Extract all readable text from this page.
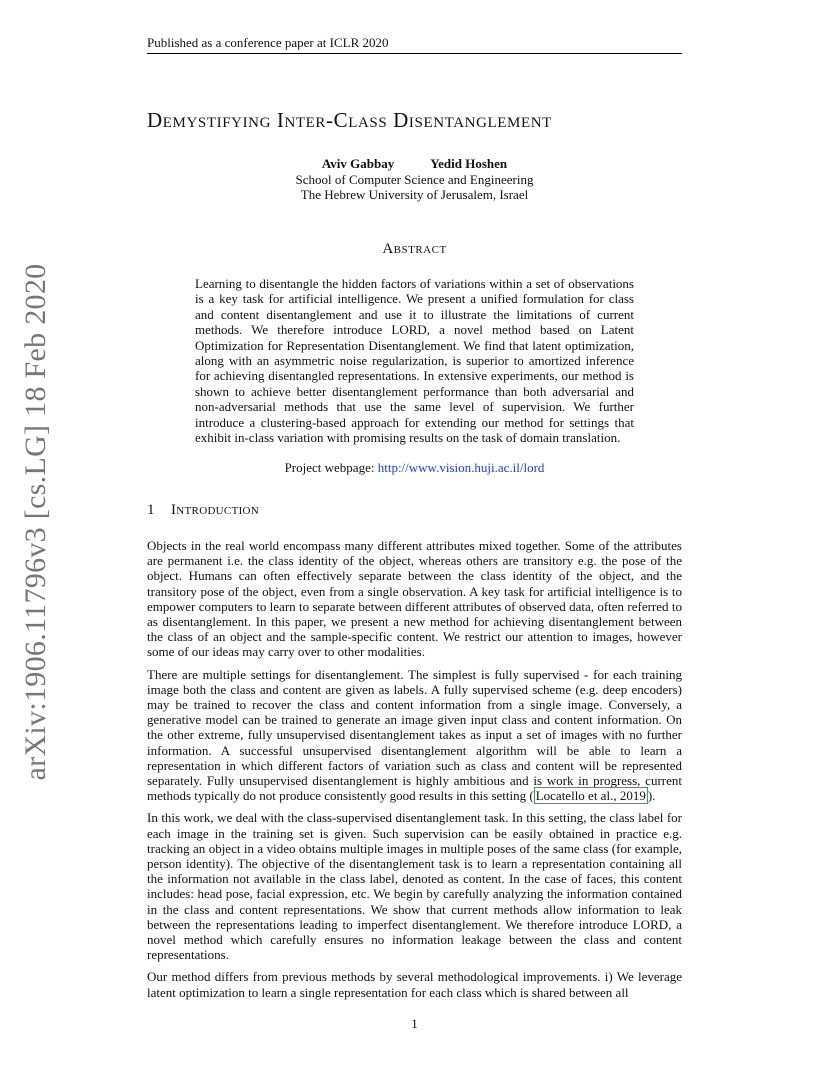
Published as a conference paper at ICLR 2020
arXiv:1906.11796v3 [cs.LG] 18 Feb 2020
Demystifying Inter-Class Disentanglement
Aviv Gabbay	Yedid Hoshen
School of Computer Science and Engineering
The Hebrew University of Jerusalem, Israel
Abstract
Learning to disentangle the hidden factors of variations within a set of observations is a key task for artificial intelligence. We present a unified formulation for class and content disentanglement and use it to illustrate the limitations of current methods. We therefore introduce LORD, a novel method based on Latent Optimization for Representation Disentanglement. We find that latent optimization, along with an asymmetric noise regularization, is superior to amortized inference for achieving disentangled representations. In extensive experiments, our method is shown to achieve better disentanglement performance than both adversarial and non-adversarial methods that use the same level of supervision. We further introduce a clustering-based approach for extending our method for settings that exhibit in-class variation with promising results on the task of domain translation.
Project webpage: http://www.vision.huji.ac.il/lord
1 Introduction

Objects in the real world encompass many different attributes mixed together. Some of the attributes are permanent i.e. the class identity of the object, whereas others are transitory e.g. the pose of the object. Humans can often effectively separate between the class identity of the object, and the transitory pose of the object, even from a single observation. A key task for artificial intelligence is to empower computers to learn to separate between different attributes of observed data, often referred to as disentanglement. In this paper, we present a new method for achieving disentanglement between the class of an object and the sample-specific content. We restrict our attention to images, however some of our ideas may carry over to other modalities.

There are multiple settings for disentanglement. The simplest is fully supervised - for each training image both the class and content are given as labels. A fully supervised scheme (e.g. deep encoders) may be trained to recover the class and content information from a single image. Conversely, a generative model can be trained to generate an image given input class and content information. On the other extreme, fully unsupervised disentanglement takes as input a set of images with no further information. A successful unsupervised disentanglement algorithm will be able to learn a representation in which different factors of variation such as class and content will be represented separately. Fully unsupervised disentanglement is highly ambitious and is work in progress, current methods typically do not produce consistently good results in this setting ( Locatello et al., 2019 ).

In this work, we deal with the class-supervised disentanglement task. In this setting, the class label for each image in the training set is given. Such supervision can be easily obtained in practice e.g. tracking an object in a video obtains multiple images in multiple poses of the same class (for example, person identity). The objective of the disentanglement task is to learn a representation containing all the information not available in the class label, denoted as content. In the case of faces, this content includes: head pose, facial expression, etc. We begin by carefully analyzing the information contained in the class and content representations. We show that current methods allow information to leak between the representations leading to imperfect disentanglement. We therefore introduce LORD, a novel method which carefully ensures no information leakage between the class and content representations.

Our method differs from previous methods by several methodological improvements. i) We leverage latent optimization to learn a single representation for each class which is shared between all

1
